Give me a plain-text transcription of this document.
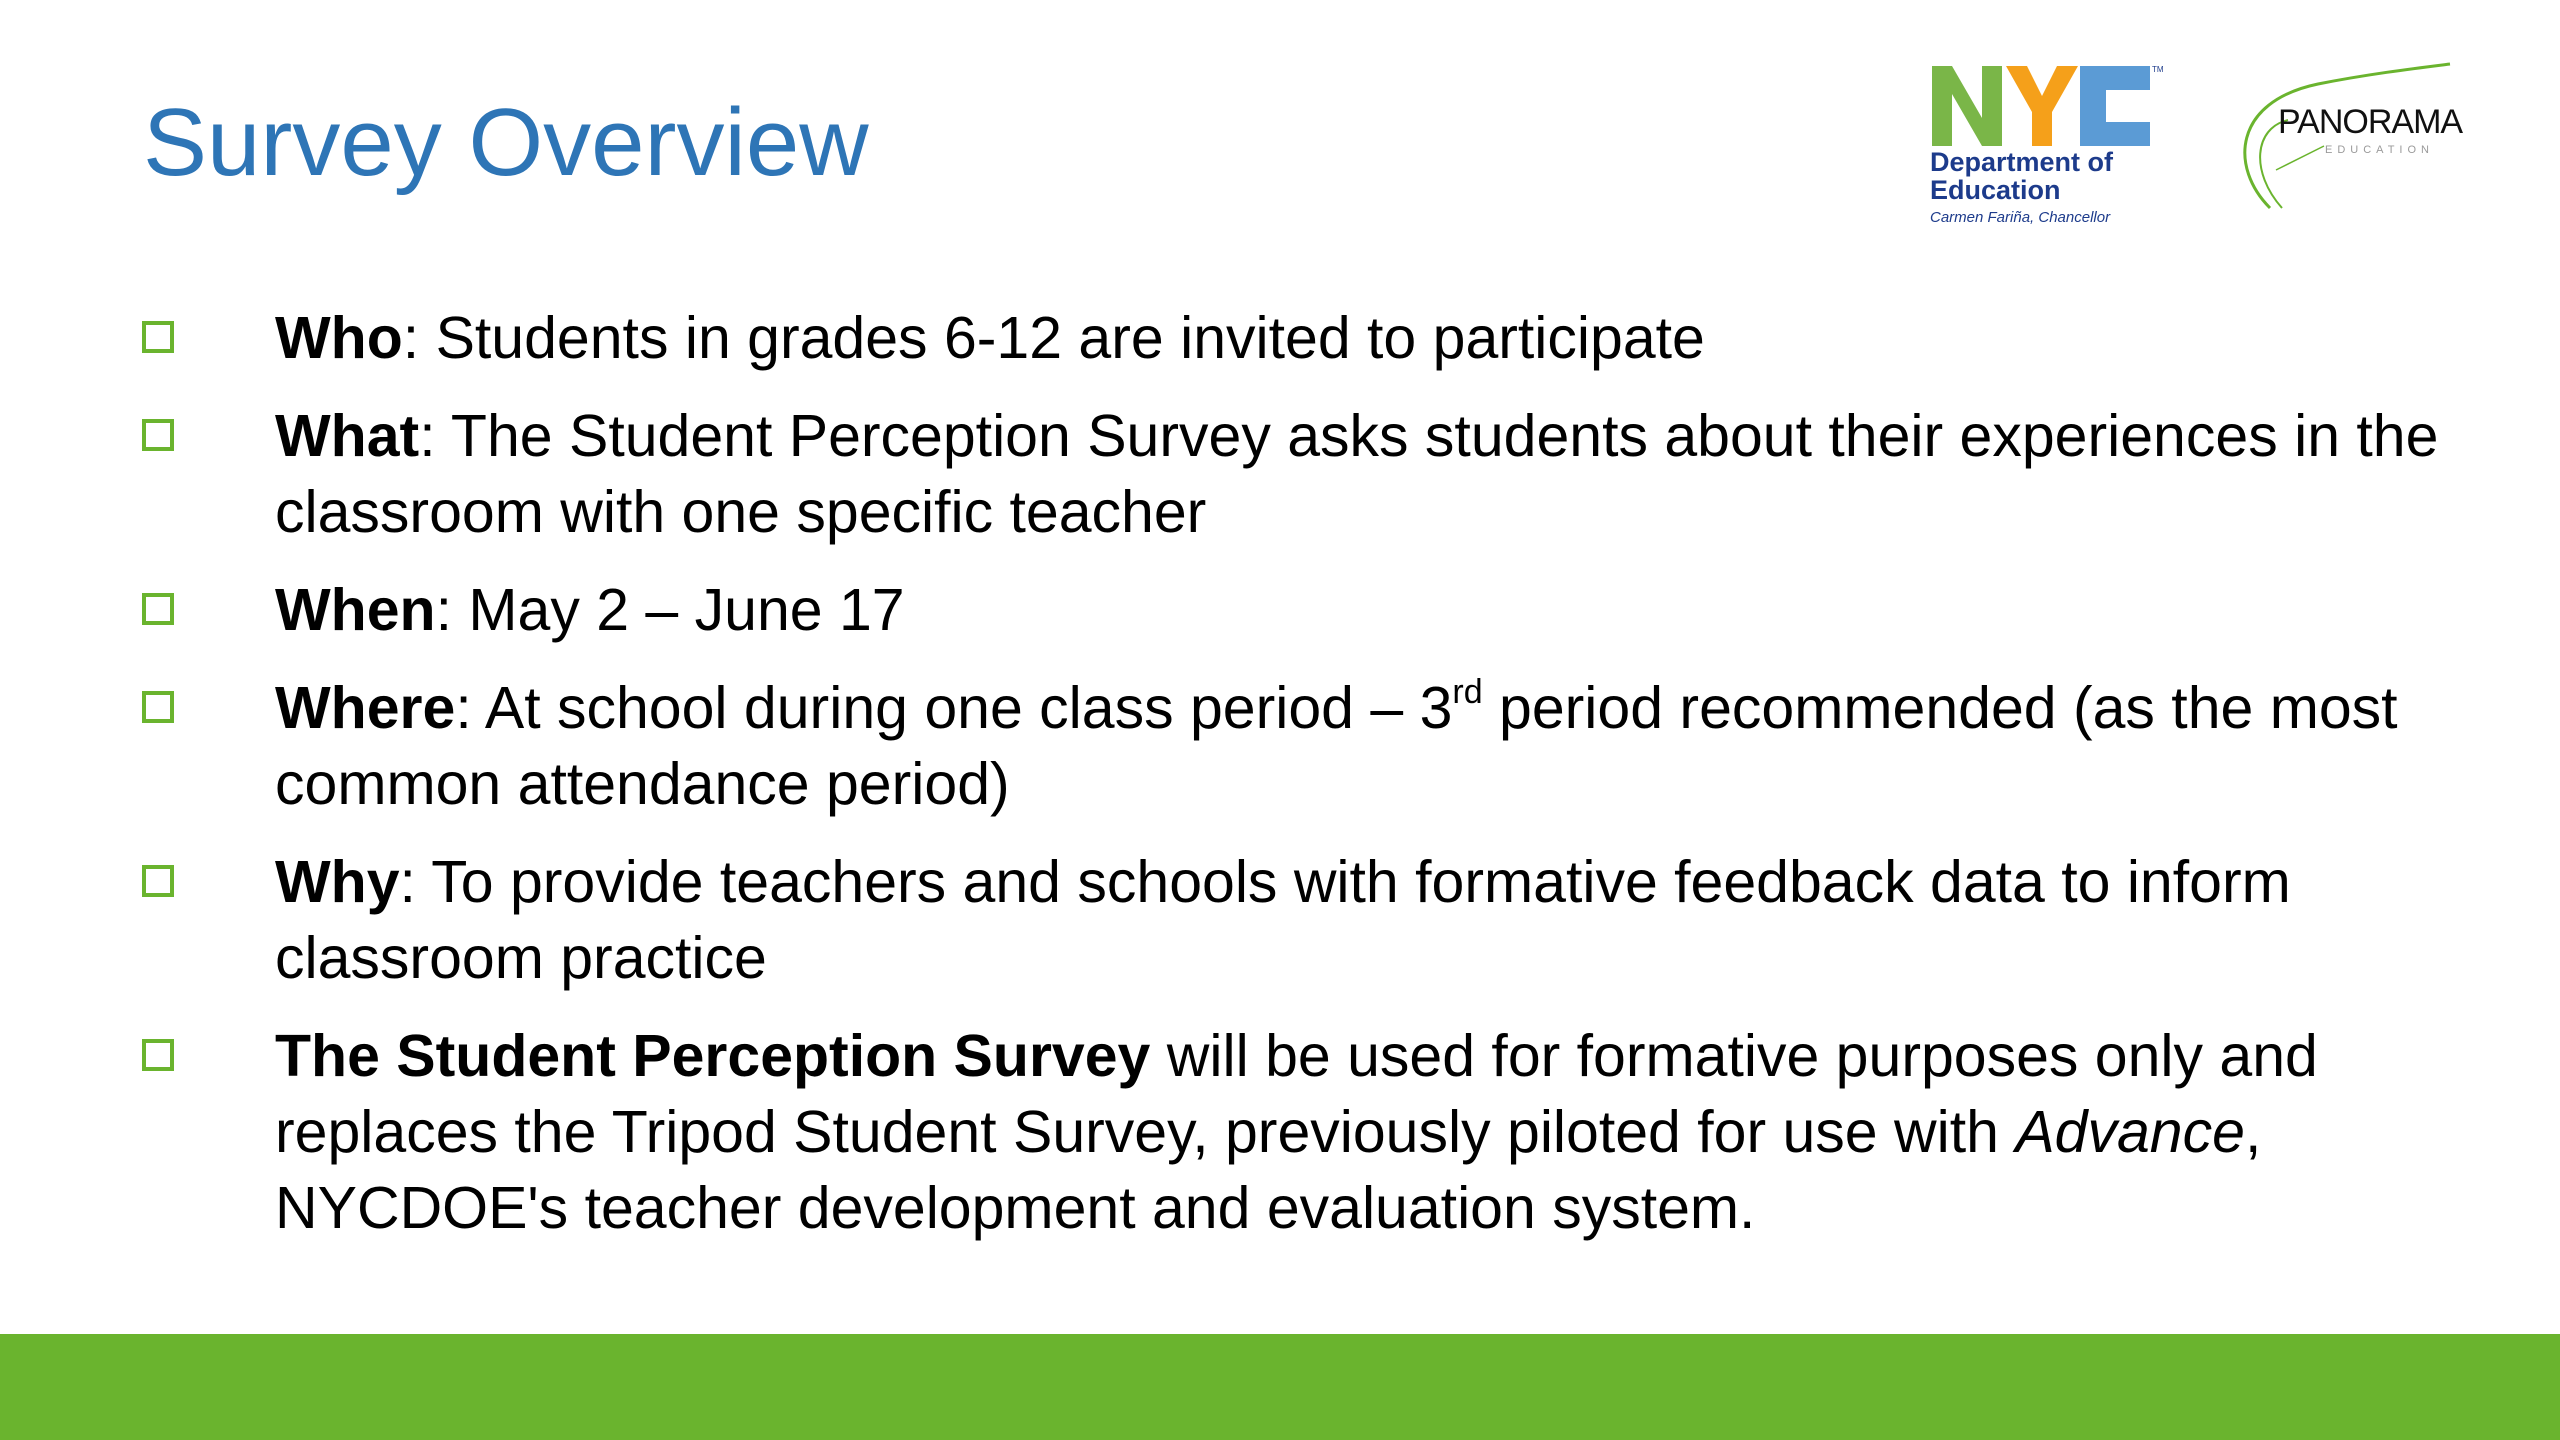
Survey Overview
TM
Department of
Education
Carmen Fariña, Chancellor
PANORAMA
EDUCATION
Who: Students in grades 6-12 are invited to participate
What: The Student Perception Survey asks students about their experiences in the classroom with one specific teacher
When: May 2 – June 17
Where: At school during one class period – 3rd period recommended (as the most common attendance period)
Why: To provide teachers and schools with formative feedback data to inform classroom practice
The Student Perception Survey will be used for formative purposes only and replaces the Tripod Student Survey, previously piloted for use with Advance, NYCDOE's teacher development and evaluation system.
